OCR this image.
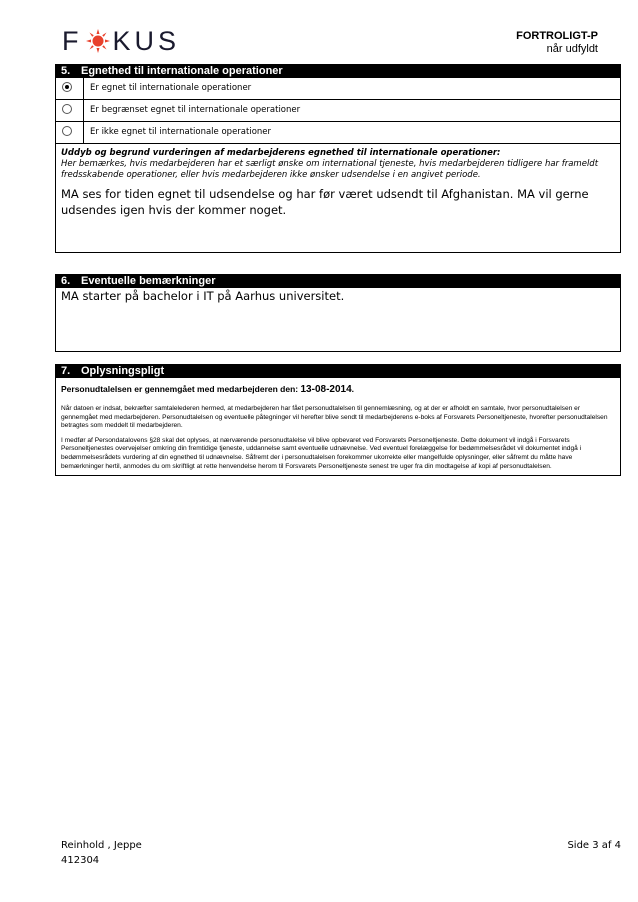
F K U S	FORTROLIGT-P
når udfyldt
5. Egnethed til internationale operationer
Er egnet til internationale operationer
Er begrænset egnet til internationale operationer
Er ikke egnet til internationale operationer
Uddyb og begrund vurderingen af medarbejderens egnethed til internationale operationer:
Her bemærkes, hvis medarbejderen har et særligt ønske om international tjeneste, hvis medarbejderen tidligere har frameldt fredsskabende operationer, eller hvis medarbejderen ikke ønsker udsendelse i en angivet periode.
MA ses for tiden egnet til udsendelse og har før været udsendt til Afghanistan. MA vil gerne udsendes igen hvis der kommer noget.
6. Eventuelle bemærkninger
MA starter på bachelor i IT på Aarhus universitet.
7. Oplysningspligt
Personudtalelsen er gennemgået med medarbejderen den: 13-08-2014.

Når datoen er indsat, bekræfter samtalelederen hermed, at medarbejderen har fået personudtalelsen til gennemlæsning, og at der er afholdt en samtale, hvor personudtalelsen er gennemgået med medarbejderen. Personudtalelsen og eventuelle påtegninger vil herefter blive sendt til medarbejderens e-boks af Forsvarets Personeltjeneste, hvorefter personudtalelsen betragtes som meddelt til medarbejderen.

I medfør af Persondatalovens §28 skal det oplyses, at nærværende personudtalelse vil blive opbevaret ved Forsvarets Personeltjeneste. Dette dokument vil indgå i Forsvarets Personeltjenestes overvejelser omkring din fremtidige tjeneste, uddannelse samt eventuelle udnævnelse. Ved eventuel forelæggelse for bedømmelsesrådet vil dokumentet indgå i bedømmelsesrådets vurdering af din egnethed til udnævnelse. Såfremt der i personudtalelsen forekommer ukorrekte eller mangelfulde oplysninger, eller såfremt du måtte have bemærkninger hertil, anmodes du om skriftligt at rette henvendelse herom til Forsvarets Personeltjeneste senest tre uger fra din modtagelse af kopi af personudtalelsen.

Reinhold , Jeppe
412304
Side 3 af 4
